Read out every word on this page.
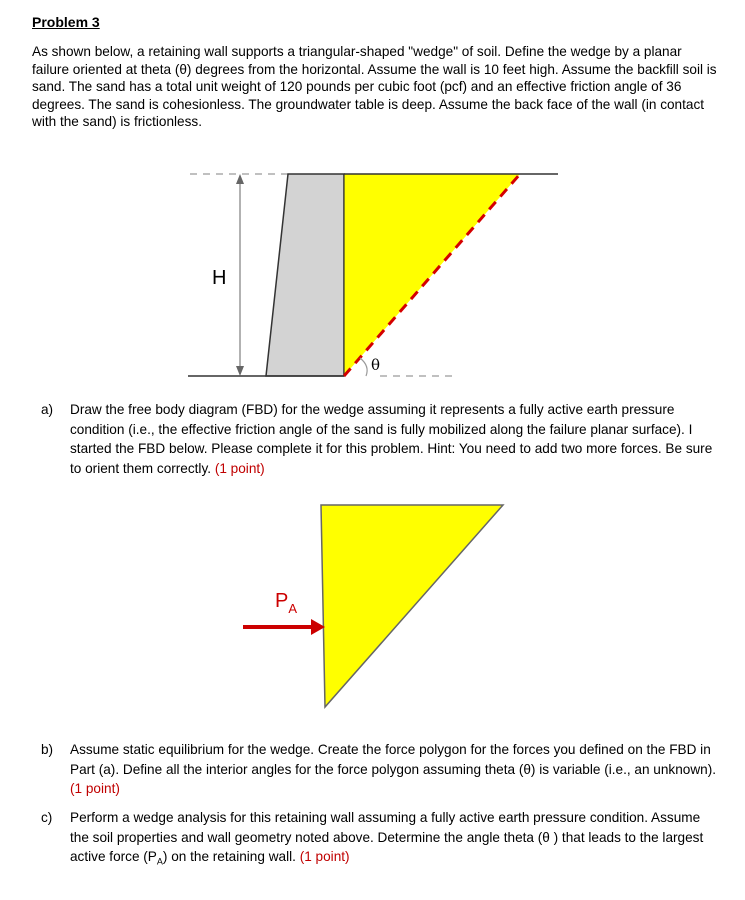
Problem 3
As shown below, a retaining wall supports a triangular-shaped "wedge" of soil. Define the wedge by a planar failure oriented at theta (θ) degrees from the horizontal. Assume the wall is 10 feet high. Assume the backfill soil is sand. The sand has a total unit weight of 120 pounds per cubic foot (pcf) and an effective friction angle of 36 degrees. The sand is cohesionless. The groundwater table is deep. Assume the back face of the wall (in contact with the sand) is frictionless.
θ
H
a) Draw the free body diagram (FBD) for the wedge assuming it represents a fully active earth pressure condition (i.e., the effective friction angle of the sand is fully mobilized along the failure planar surface). I started the FBD below. Please complete it for this problem. Hint: You need to add two more forces. Be sure to orient them correctly. (1 point)
$P_A$
b) Assume static equilibrium for the wedge. Create the force polygon for the forces you defined on the FBD in Part (a). Define all the interior angles for the force polygon assuming theta (θ) is variable (i.e., an unknown). (1 point)
c) Perform a wedge analysis for this retaining wall assuming a fully active earth pressure condition. Assume the soil properties and wall geometry noted above. Determine the angle theta (θ ) that leads to the largest active force $(P_A)$ on the retaining wall. (1 point)
